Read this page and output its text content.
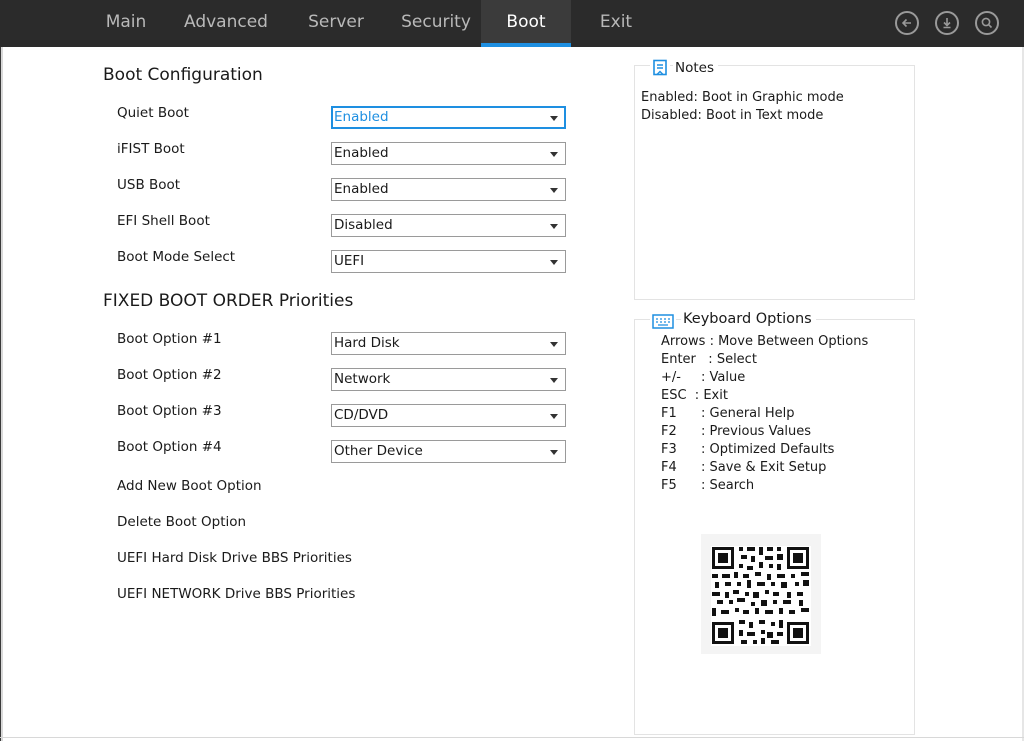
Main	Advanced	Server	Security	Boot	Exit
Boot Configuration
Quiet Boot	Enabled
iFIST Boot	Enabled
USB Boot	Enabled
EFI Shell Boot	Disabled
Boot Mode Select	UEFI
FIXED BOOT ORDER Priorities
Boot Option #1	Hard Disk
Boot Option #2	Network
Boot Option #3	CD/DVD
Boot Option #4	Other Device
Add New Boot Option
Delete Boot Option
UEFI Hard Disk Drive BBS Priorities
UEFI NETWORK Drive BBS Priorities
Notes
Enabled: Boot in Graphic mode
Disabled: Boot in Text mode
Keyboard Options
Arrows : Move Between Options
Enter   : Select
+/- : Value
ESC  : Exit
F1 : General Help
F2 : Previous Values
F3 : Optimized Defaults
F4 : Save & Exit Setup
F5 : Search
